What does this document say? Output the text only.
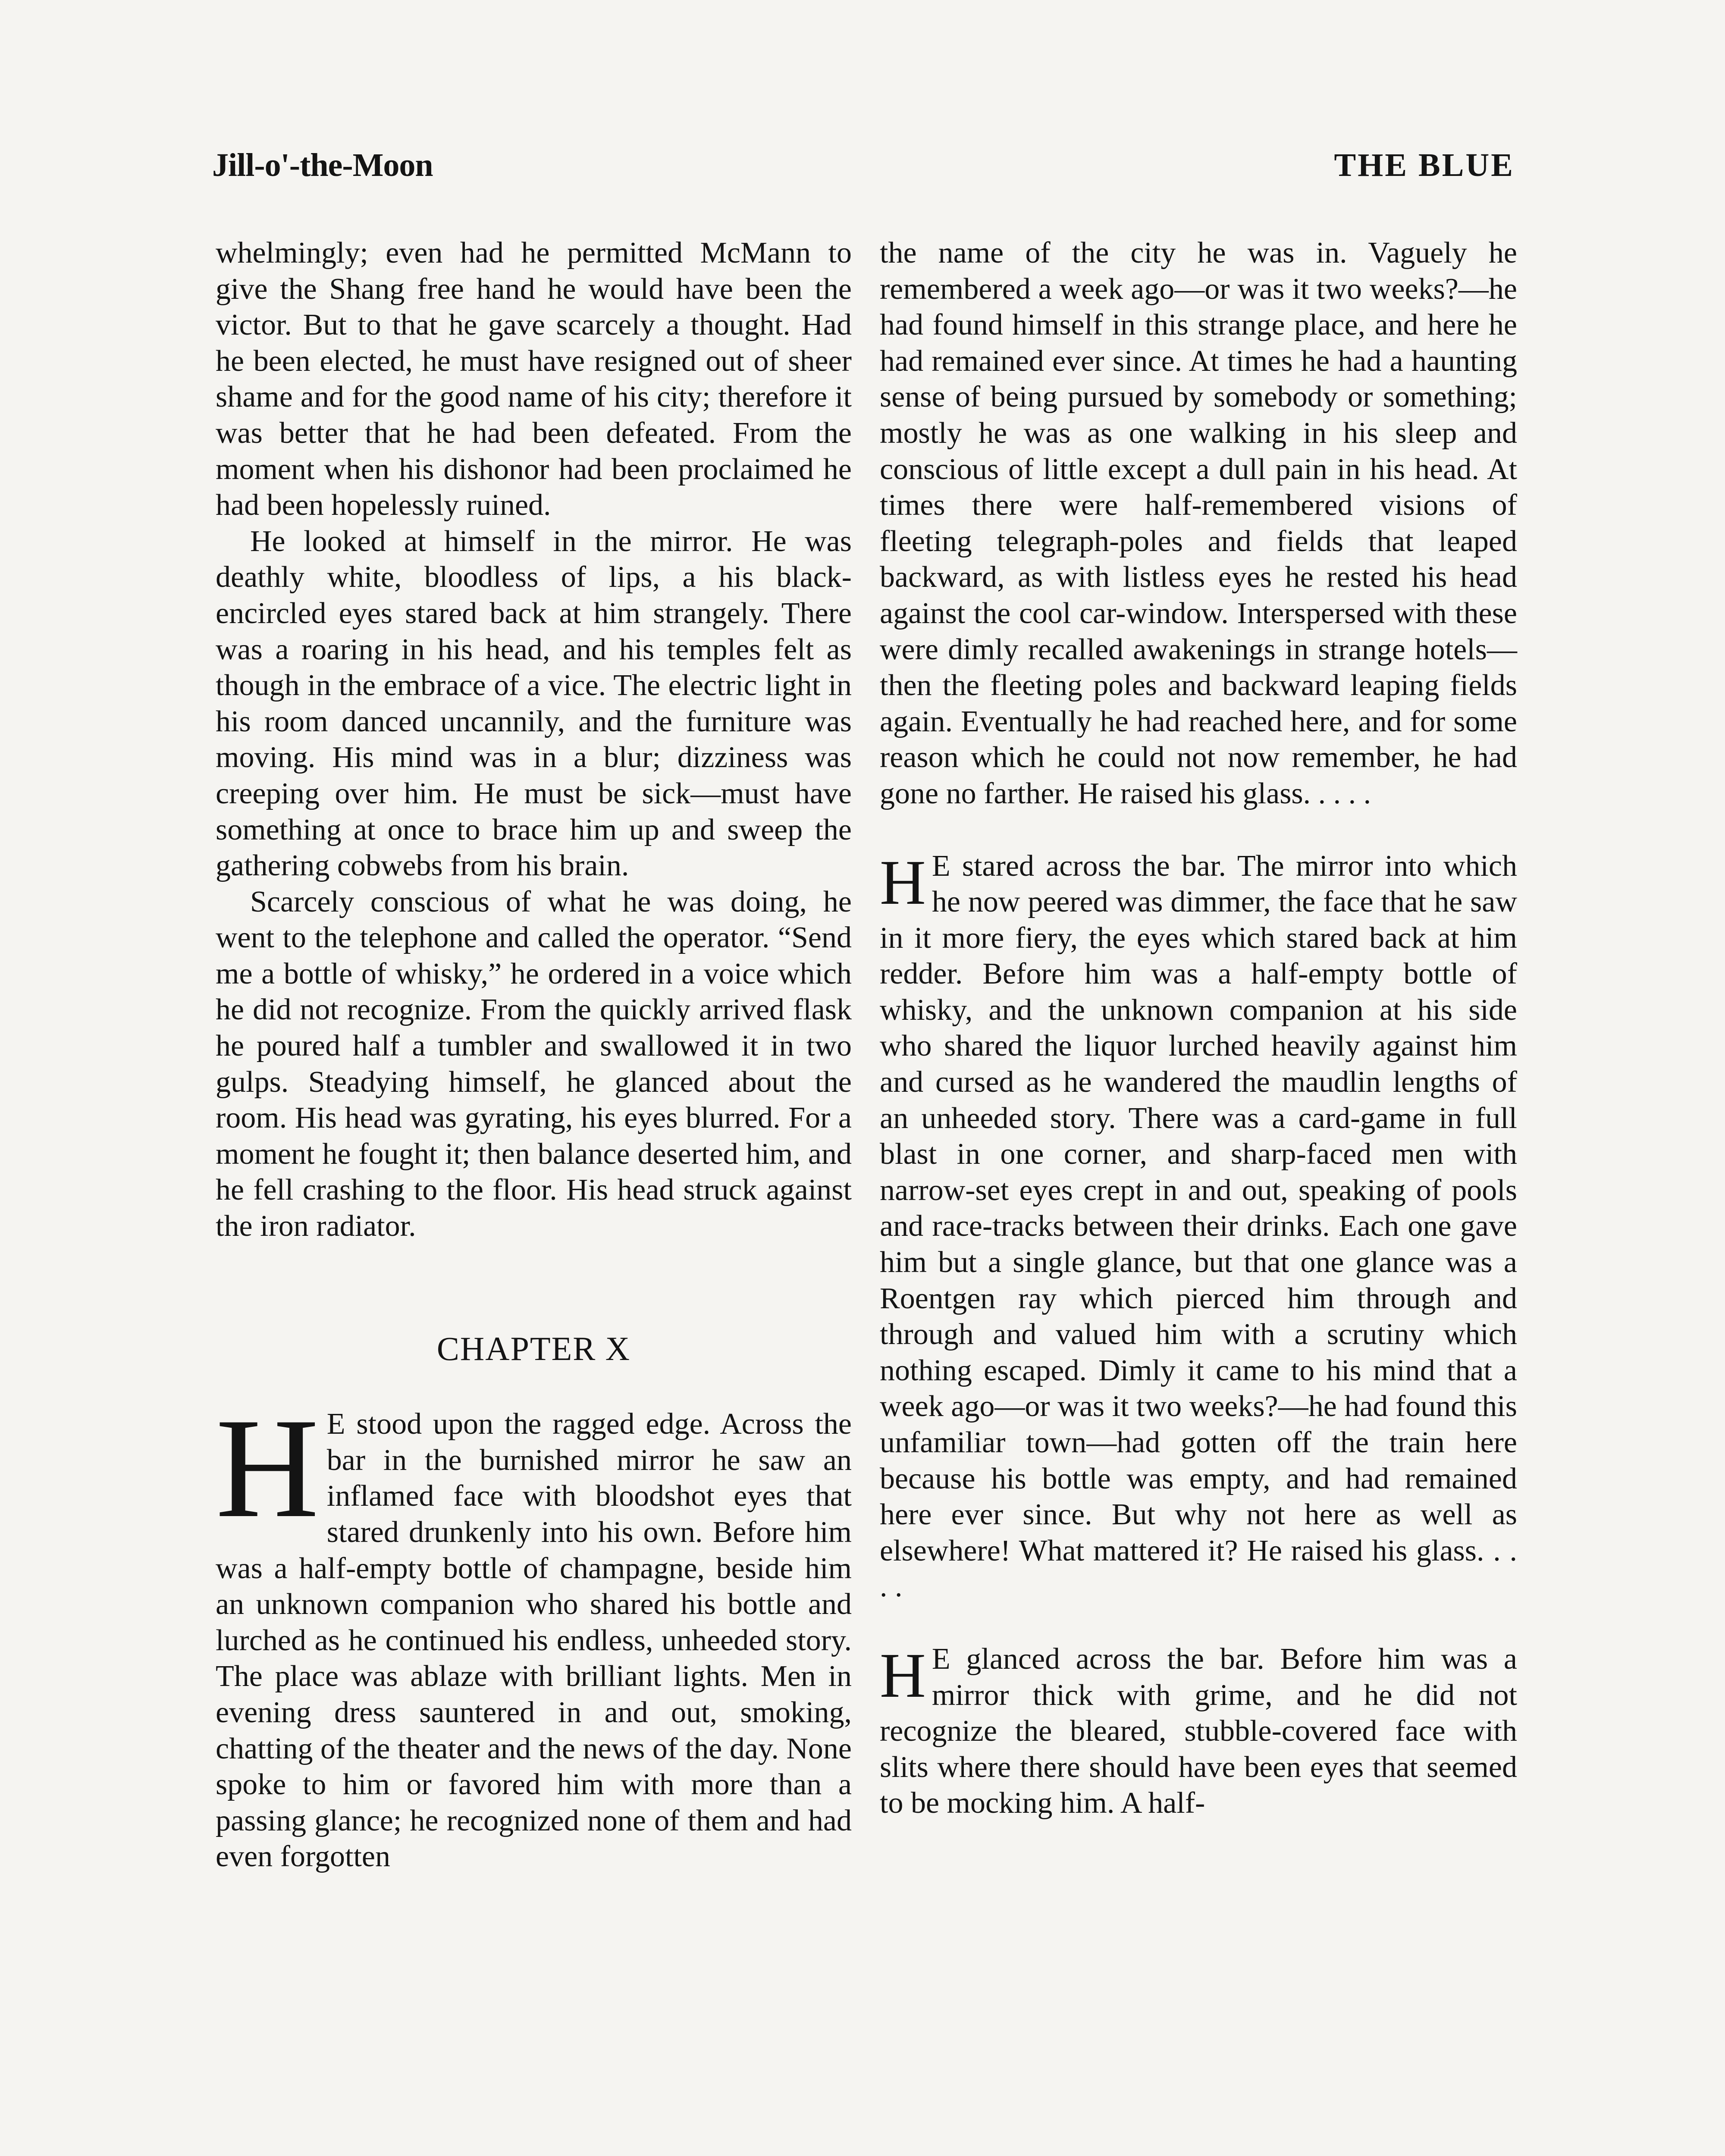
Jill-o'-the-Moon	THE BLUE

whelmingly; even had he permitted McMann to give the Shang free hand he would have been the victor. But to that he gave scarcely a thought. Had he been elected, he must have resigned out of sheer shame and for the good name of his city; therefore it was better that he had been defeated. From the moment when his dishonor had been proclaimed he had been hopelessly ruined.

He looked at himself in the mirror. He was deathly white, bloodless of lips, a his black-encircled eyes stared back at him strangely. There was a roaring in his head, and his temples felt as though in the embrace of a vice. The electric light in his room danced uncannily, and the furniture was moving. His mind was in a blur; dizziness was creeping over him. He must be sick—must have something at once to brace him up and sweep the gathering cobwebs from his brain.

Scarcely conscious of what he was doing, he went to the telephone and called the operator. “Send me a bottle of whisky,” he ordered in a voice which he did not recognize. From the quickly arrived flask he poured half a tumbler and swallowed it in two gulps. Steadying himself, he glanced about the room. His head was gyrating, his eyes blurred. For a moment he fought it; then balance deserted him, and he fell crashing to the floor. His head struck against the iron radiator.

CHAPTER X

H E stood upon the ragged edge. Across the bar in the burnished mirror he saw an inflamed face with bloodshot eyes that stared drunkenly into his own. Before him was a half-empty bottle of champagne, beside him an unknown companion who shared his bottle and lurched as he continued his endless, unheeded story. The place was ablaze with brilliant lights. Men in evening dress sauntered in and out, smoking, chatting of the theater and the news of the day. None spoke to him or favored him with more than a passing glance; he recognized none of them and had even forgotten

the name of the city he was in. Vaguely he remembered a week ago—or was it two weeks?—he had found himself in this strange place, and here he had remained ever since. At times he had a haunting sense of being pursued by somebody or something; mostly he was as one walking in his sleep and conscious of little except a dull pain in his head. At times there were half-remembered visions of fleeting telegraph-poles and fields that leaped backward, as with listless eyes he rested his head against the cool car-window. Interspersed with these were dimly recalled awakenings in strange hotels—then the fleeting poles and backward leaping fields again. Eventually he had reached here, and for some reason which he could not now remember, he had gone no farther. He raised his glass. . . . .

H E stared across the bar. The mirror into which he now peered was dimmer, the face that he saw in it more fiery, the eyes which stared back at him redder. Before him was a half-empty bottle of whisky, and the unknown companion at his side who shared the liquor lurched heavily against him and cursed as he wandered the maudlin lengths of an unheeded story. There was a card-game in full blast in one corner, and sharp-faced men with narrow-set eyes crept in and out, speaking of pools and race-tracks between their drinks. Each one gave him but a single glance, but that one glance was a Roentgen ray which pierced him through and through and valued him with a scrutiny which nothing escaped. Dimly it came to his mind that a week ago—or was it two weeks?—he had found this unfamiliar town—had gotten off the train here because his bottle was empty, and had remained here ever since. But why not here as well as elsewhere! What mattered it? He raised his glass. . . . .

H E glanced across the bar. Before him was a mirror thick with grime, and he did not recognize the bleared, stubble-covered face with slits where there should have been eyes that seemed to be mocking him. A half-
